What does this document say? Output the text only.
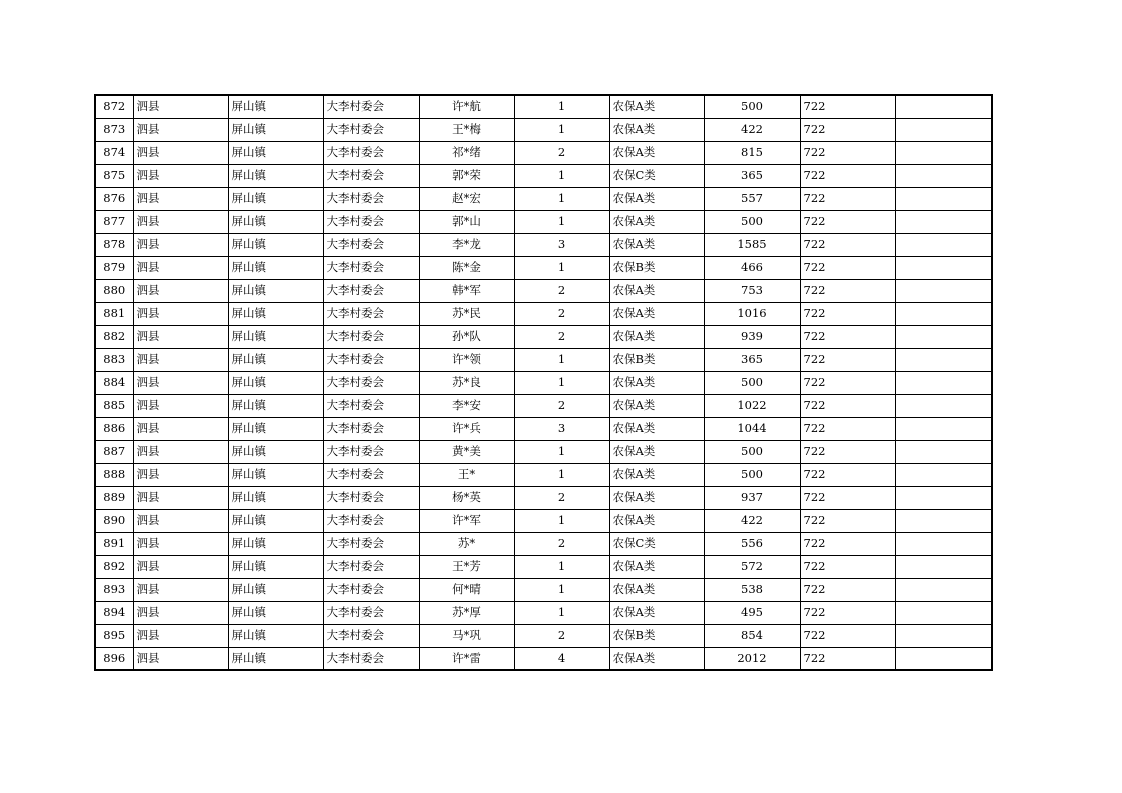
872	泗县	屏山镇	大李村委会	许*航	1	农保A类	500	722	
873	泗县	屏山镇	大李村委会	王*梅	1	农保A类	422	722	
874	泗县	屏山镇	大李村委会	祁*绪	2	农保A类	815	722	
875	泗县	屏山镇	大李村委会	郭*荣	1	农保C类	365	722	
876	泗县	屏山镇	大李村委会	赵*宏	1	农保A类	557	722	
877	泗县	屏山镇	大李村委会	郭*山	1	农保A类	500	722	
878	泗县	屏山镇	大李村委会	李*龙	3	农保A类	1585	722	
879	泗县	屏山镇	大李村委会	陈*金	1	农保B类	466	722	
880	泗县	屏山镇	大李村委会	韩*军	2	农保A类	753	722	
881	泗县	屏山镇	大李村委会	苏*民	2	农保A类	1016	722	
882	泗县	屏山镇	大李村委会	孙*队	2	农保A类	939	722	
883	泗县	屏山镇	大李村委会	许*领	1	农保B类	365	722	
884	泗县	屏山镇	大李村委会	苏*良	1	农保A类	500	722	
885	泗县	屏山镇	大李村委会	李*安	2	农保A类	1022	722	
886	泗县	屏山镇	大李村委会	许*兵	3	农保A类	1044	722	
887	泗县	屏山镇	大李村委会	黄*美	1	农保A类	500	722	
888	泗县	屏山镇	大李村委会	王*	1	农保A类	500	722	
889	泗县	屏山镇	大李村委会	杨*英	2	农保A类	937	722	
890	泗县	屏山镇	大李村委会	许*军	1	农保A类	422	722	
891	泗县	屏山镇	大李村委会	苏*	2	农保C类	556	722	
892	泗县	屏山镇	大李村委会	王*芳	1	农保A类	572	722	
893	泗县	屏山镇	大李村委会	何*晴	1	农保A类	538	722	
894	泗县	屏山镇	大李村委会	苏*厚	1	农保A类	495	722	
895	泗县	屏山镇	大李村委会	马*巩	2	农保B类	854	722	
896	泗县	屏山镇	大李村委会	许*雷	4	农保A类	2012	722	
